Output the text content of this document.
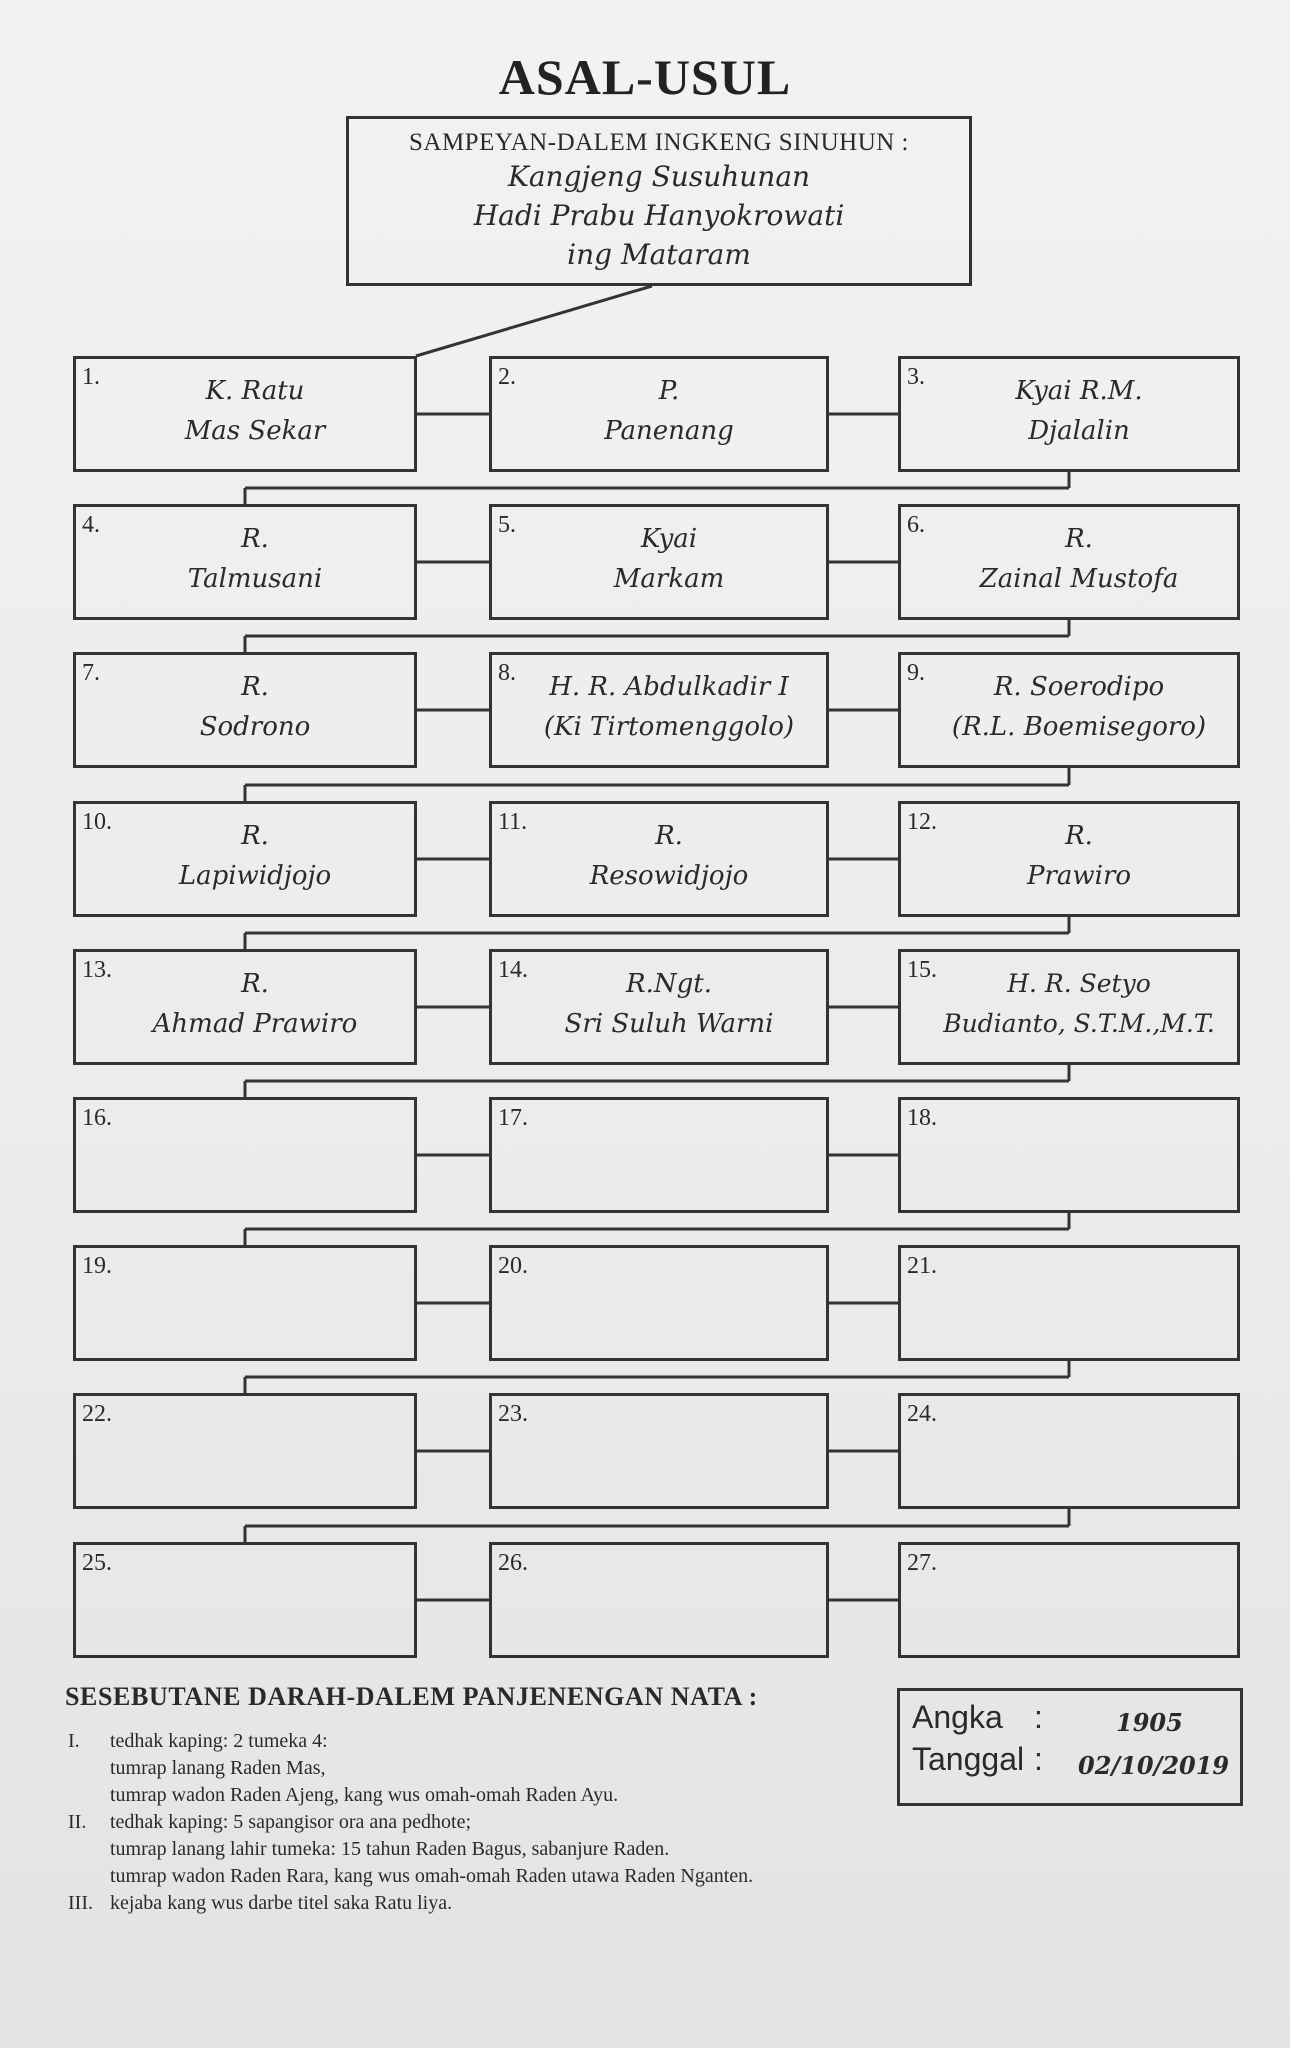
ASAL-USUL
SAMPEYAN-DALEM INGKENG SINUHUN :
Kangjeng Susuhunan
Hadi Prabu Hanyokrowati
ing Mataram
1.	K. Ratu
Mas Sekar
2.	P.
Panenang
3.	Kyai R.M.
Djalalin
4.	R.
Talmusani
5.	Kyai
Markam
6.	R.
Zainal Mustofa
7.	R.
Sodrono
8.	H. R. Abdulkadir I
(Ki Tirtomenggolo)
9.	R. Soerodipo
(R.L. Boemisegoro)
10.	R.
Lapiwidjojo
11.	R.
Resowidjojo
12.	R.
Prawiro
13.	R.
Ahmad Prawiro
14.	R.Ngt.
Sri Suluh Warni
15.	H. R. Setyo
Budianto, S.T.M.,M.T.
16.	17.	18.
19.	20.	21.
22.	23.	24.
25.	26.	27.
SESEBUTANE DARAH-DALEM PANJENENGAN NATA :
I. tedhak kaping: 2 tumeka 4:
tumrap lanang Raden Mas,
tumrap wadon Raden Ajeng, kang wus omah-omah Raden Ayu.
II. tedhak kaping: 5 sapangisor ora ana pedhote;
tumrap lanang lahir tumeka: 15 tahun Raden Bagus, sabanjure Raden.
tumrap wadon Raden Rara, kang wus omah-omah Raden utawa Raden Nganten.
III. kejaba kang wus darbe titel saka Ratu liya.
Angka :	1905
Tanggal : 02/10/2019
